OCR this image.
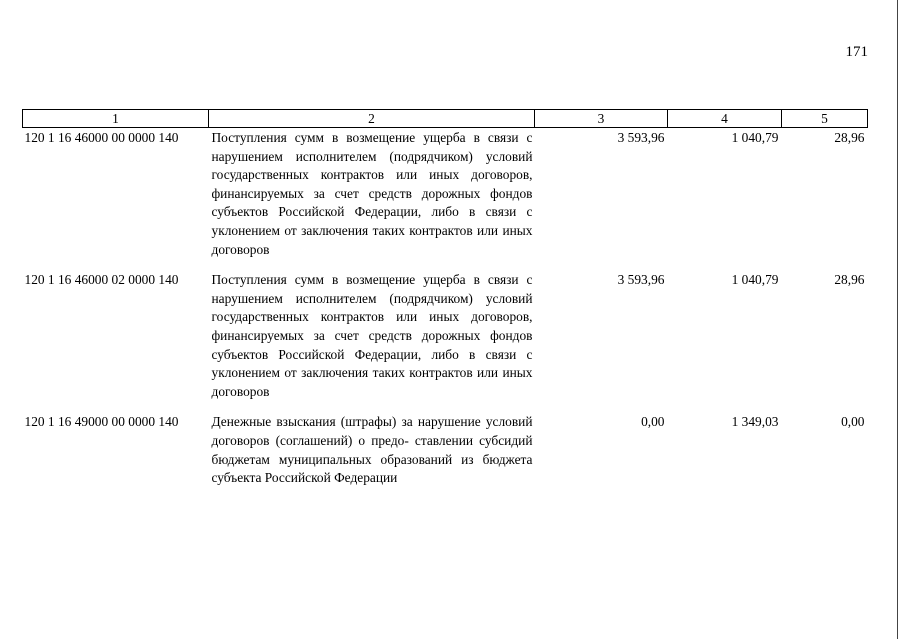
171
1	2	3	4	5
120 1 16 46000 00 0000 140	Поступления сумм в возмещение ущерба в связи с нарушением исполнителем (подрядчиком) условий государственных контрактов или иных договоров, финансируемых за счет средств дорожных фондов субъектов Российской Федерации, либо в связи с уклонением от заключения таких контрактов или иных договоров	3 593,96	1 040,79	28,96
120 1 16 46000 02 0000 140	Поступления сумм в возмещение ущерба в связи с нарушением исполнителем (подрядчиком) условий государственных контрактов или иных договоров, финансируемых за счет средств дорожных фондов субъектов Российской Федерации, либо в связи с уклонением от заключения таких контрактов или иных договоров	3 593,96	1 040,79	28,96
120 1 16 49000 00 0000 140	Денежные взыскания (штрафы) за нарушение условий договоров (соглашений) о предо- ставлении субсидий бюджетам муниципальных образований из бюджета субъекта Российской Федерации	0,00	1 349,03	0,00
